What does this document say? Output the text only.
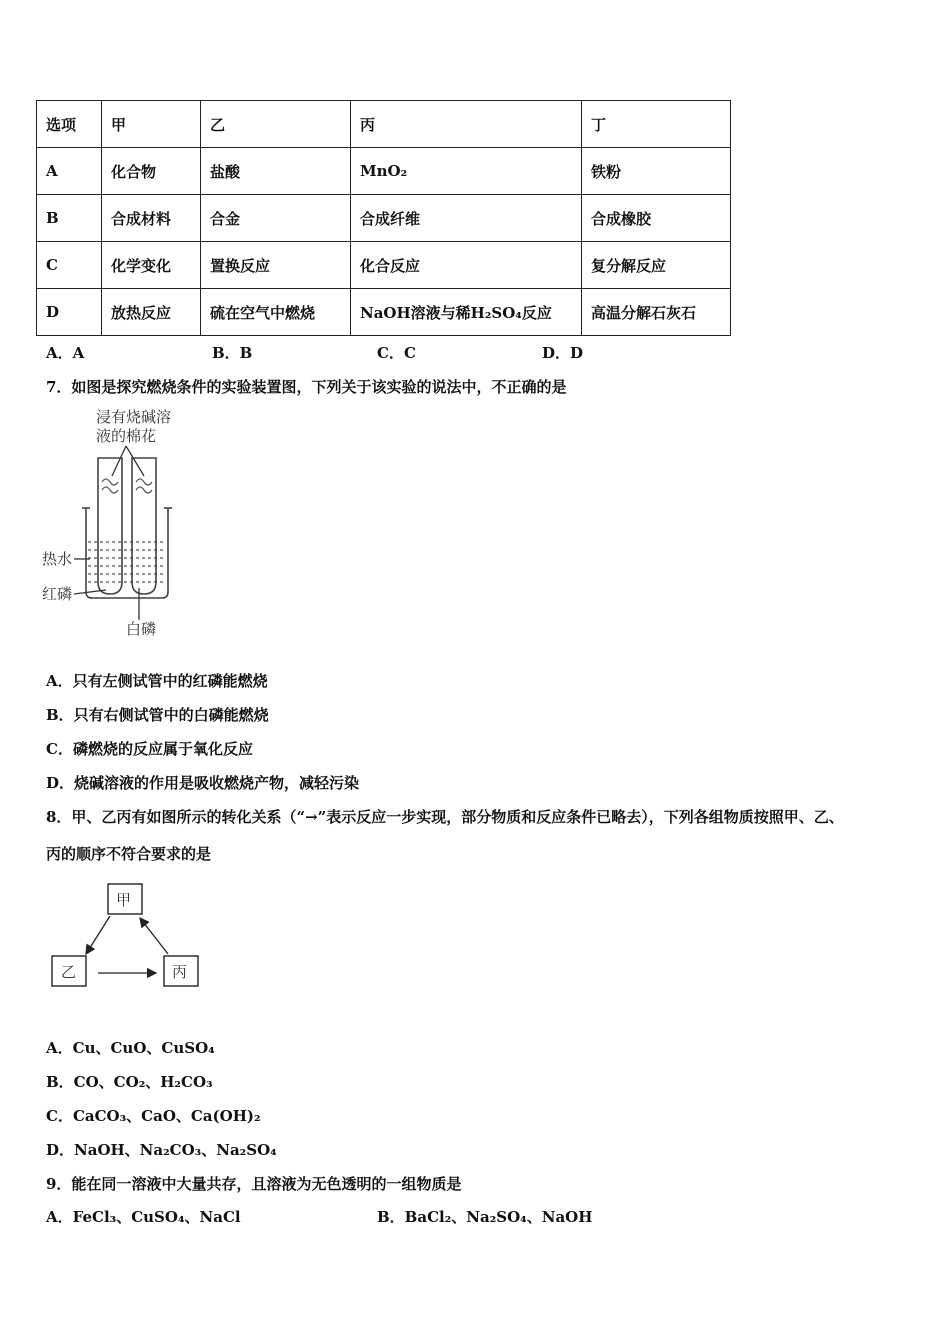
选项	甲	乙	丙	丁
A	化合物	盐酸	MnO₂	铁粉
B	合成材料	合金	合成纤维	合成橡胶
C	化学变化	置换反应	化合反应	复分解反应
D	放热反应	硫在空气中燃烧	NaOH溶液与稀H₂SO₄反应	高温分解石灰石
A．A	B．B	C．C	D．D
7．如图是探究燃烧条件的实验装置图，下列关于该实验的说法中，不正确的是
浸有烧碱溶
液的棉花
热水
红磷
白磷
A．只有左侧试管中的红磷能燃烧
B．只有右侧试管中的白磷能燃烧
C．磷燃烧的反应属于氧化反应
D．烧碱溶液的作用是吸收燃烧产物，减轻污染
8．甲、乙丙有如图所示的转化关系（“→”表示反应一步实现，部分物质和反应条件已略去），下列各组物质按照甲、乙、
丙的顺序不符合要求的是
甲
乙	丙
A．Cu、CuO、CuSO₄
B．CO、CO₂、H₂CO₃
C．CaCO₃、CaO、Ca(OH)₂
D．NaOH、Na₂CO₃、Na₂SO₄
9．能在同一溶液中大量共存，且溶液为无色透明的一组物质是
A．FeCl₃、CuSO₄、NaCl	B．BaCl₂、Na₂SO₄、NaOH
